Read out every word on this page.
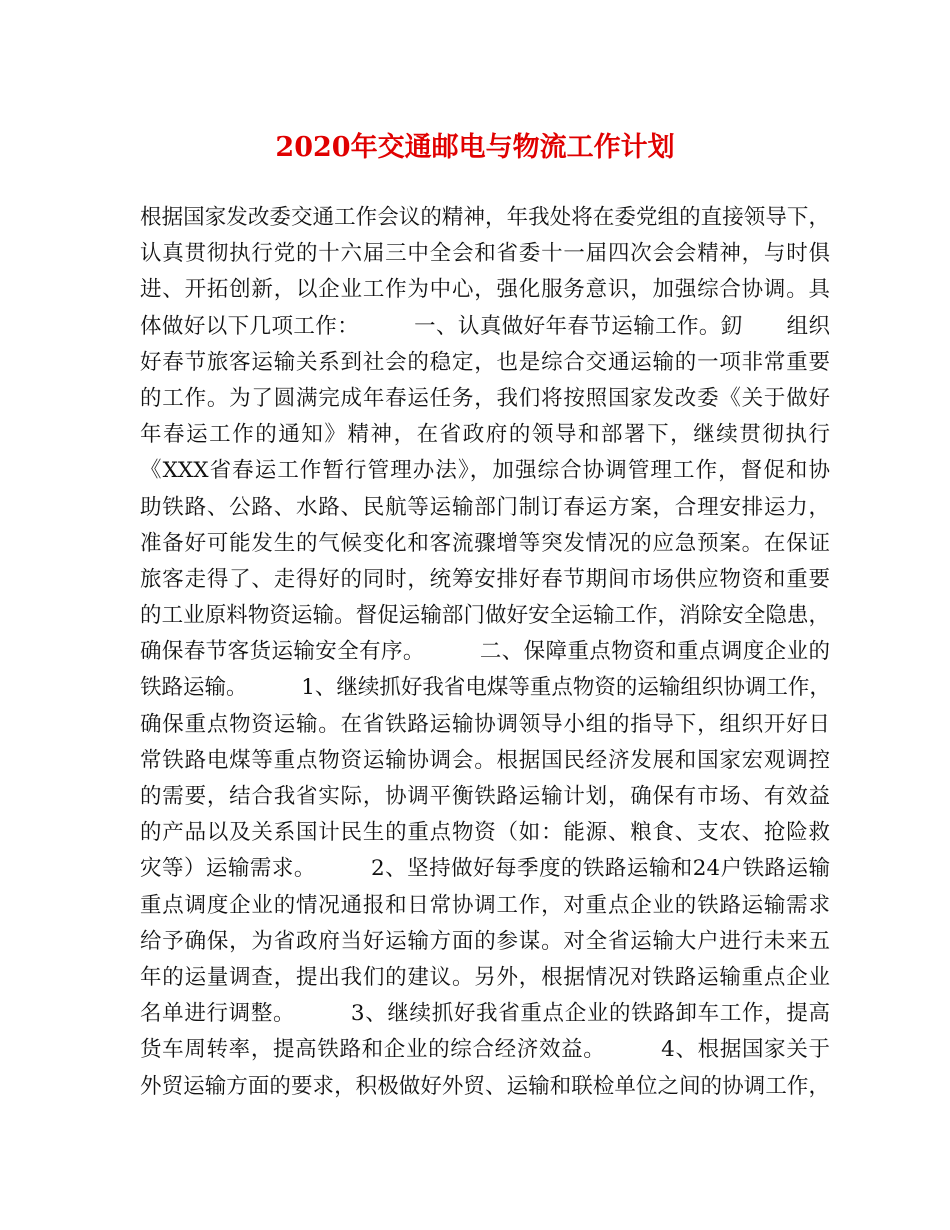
2020年交通邮电与物流工作计划
根据国家发改委交通工作会议的精神，年我处将在委党组的直接领导下，
认真贯彻执行党的十六届三中全会和省委十一届四次会会精神，与时俱
进、开拓创新，以企业工作为中心，强化服务意识，加强综合协调。具
体做好以下几项工作：　　　一、认真做好年春节运输工作。釖　　组织
好春节旅客运输关系到社会的稳定，也是综合交通运输的一项非常重要
的工作。为了圆满完成年春运任务，我们将按照国家发改委《关于做好
年春运工作的通知》精神，在省政府的领导和部署下，继续贯彻执行
《XXX省春运工作暂行管理办法》，加强综合协调管理工作，督促和协
助铁路、公路、水路、民航等运输部门制订春运方案，合理安排运力，
准备好可能发生的气候变化和客流骤增等突发情况的应急预案。在保证
旅客走得了、走得好的同时，统筹安排好春节期间市场供应物资和重要
的工业原料物资运输。督促运输部门做好安全运输工作，消除安全隐患，
确保春节客货运输安全有序。　　　二、保障重点物资和重点调度企业的
铁路运输。　　　1、继续抓好我省电煤等重点物资的运输组织协调工作，
确保重点物资运输。在省铁路运输协调领导小组的指导下，组织开好日
常铁路电煤等重点物资运输协调会。根据国民经济发展和国家宏观调控
的需要，结合我省实际，协调平衡铁路运输计划，确保有市场、有效益
的产品以及关系国计民生的重点物资（如：能源、粮食、支农、抢险救
灾等）运输需求。　　　2、坚持做好每季度的铁路运输和24户铁路运输
重点调度企业的情况通报和日常协调工作，对重点企业的铁路运输需求
给予确保，为省政府当好运输方面的参谋。对全省运输大户进行未来五
年的运量调查，提出我们的建议。另外，根据情况对铁路运输重点企业
名单进行调整。　　　3、继续抓好我省重点企业的铁路卸车工作，提高
货车周转率，提高铁路和企业的综合经济效益。　　　4、根据国家关于
外贸运输方面的要求，积极做好外贸、运输和联检单位之间的协调工作，
